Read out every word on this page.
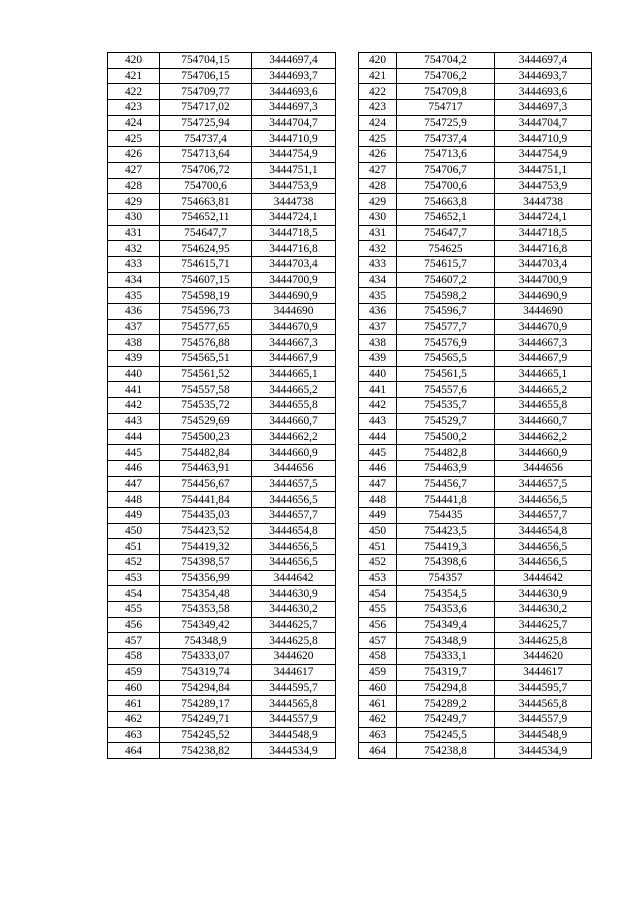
420	754704,15	3444697,4
421	754706,15	3444693,7
422	754709,77	3444693,6
423	754717,02	3444697,3
424	754725,94	3444704,7
425	754737,4	3444710,9
426	754713,64	3444754,9
427	754706,72	3444751,1
428	754700,6	3444753,9
429	754663,81	3444738
430	754652,11	3444724,1
431	754647,7	3444718,5
432	754624,95	3444716,8
433	754615,71	3444703,4
434	754607,15	3444700,9
435	754598,19	3444690,9
436	754596,73	3444690
437	754577,65	3444670,9
438	754576,88	3444667,3
439	754565,51	3444667,9
440	754561,52	3444665,1
441	754557,58	3444665,2
442	754535,72	3444655,8
443	754529,69	3444660,7
444	754500,23	3444662,2
445	754482,84	3444660,9
446	754463,91	3444656
447	754456,67	3444657,5
448	754441,84	3444656,5
449	754435,03	3444657,7
450	754423,52	3444654,8
451	754419,32	3444656,5
452	754398,57	3444656,5
453	754356,99	3444642
454	754354,48	3444630,9
455	754353,58	3444630,2
456	754349,42	3444625,7
457	754348,9	3444625,8
458	754333,07	3444620
459	754319,74	3444617
460	754294,84	3444595,7
461	754289,17	3444565,8
462	754249,71	3444557,9
463	754245,52	3444548,9
464	754238,82	3444534,9
420	754704,2	3444697,4
421	754706,2	3444693,7
422	754709,8	3444693,6
423	754717	3444697,3
424	754725,9	3444704,7
425	754737,4	3444710,9
426	754713,6	3444754,9
427	754706,7	3444751,1
428	754700,6	3444753,9
429	754663,8	3444738
430	754652,1	3444724,1
431	754647,7	3444718,5
432	754625	3444716,8
433	754615,7	3444703,4
434	754607,2	3444700,9
435	754598,2	3444690,9
436	754596,7	3444690
437	754577,7	3444670,9
438	754576,9	3444667,3
439	754565,5	3444667,9
440	754561,5	3444665,1
441	754557,6	3444665,2
442	754535,7	3444655,8
443	754529,7	3444660,7
444	754500,2	3444662,2
445	754482,8	3444660,9
446	754463,9	3444656
447	754456,7	3444657,5
448	754441,8	3444656,5
449	754435	3444657,7
450	754423,5	3444654,8
451	754419,3	3444656,5
452	754398,6	3444656,5
453	754357	3444642
454	754354,5	3444630,9
455	754353,6	3444630,2
456	754349,4	3444625,7
457	754348,9	3444625,8
458	754333,1	3444620
459	754319,7	3444617
460	754294,8	3444595,7
461	754289,2	3444565,8
462	754249,7	3444557,9
463	754245,5	3444548,9
464	754238,8	3444534,9
